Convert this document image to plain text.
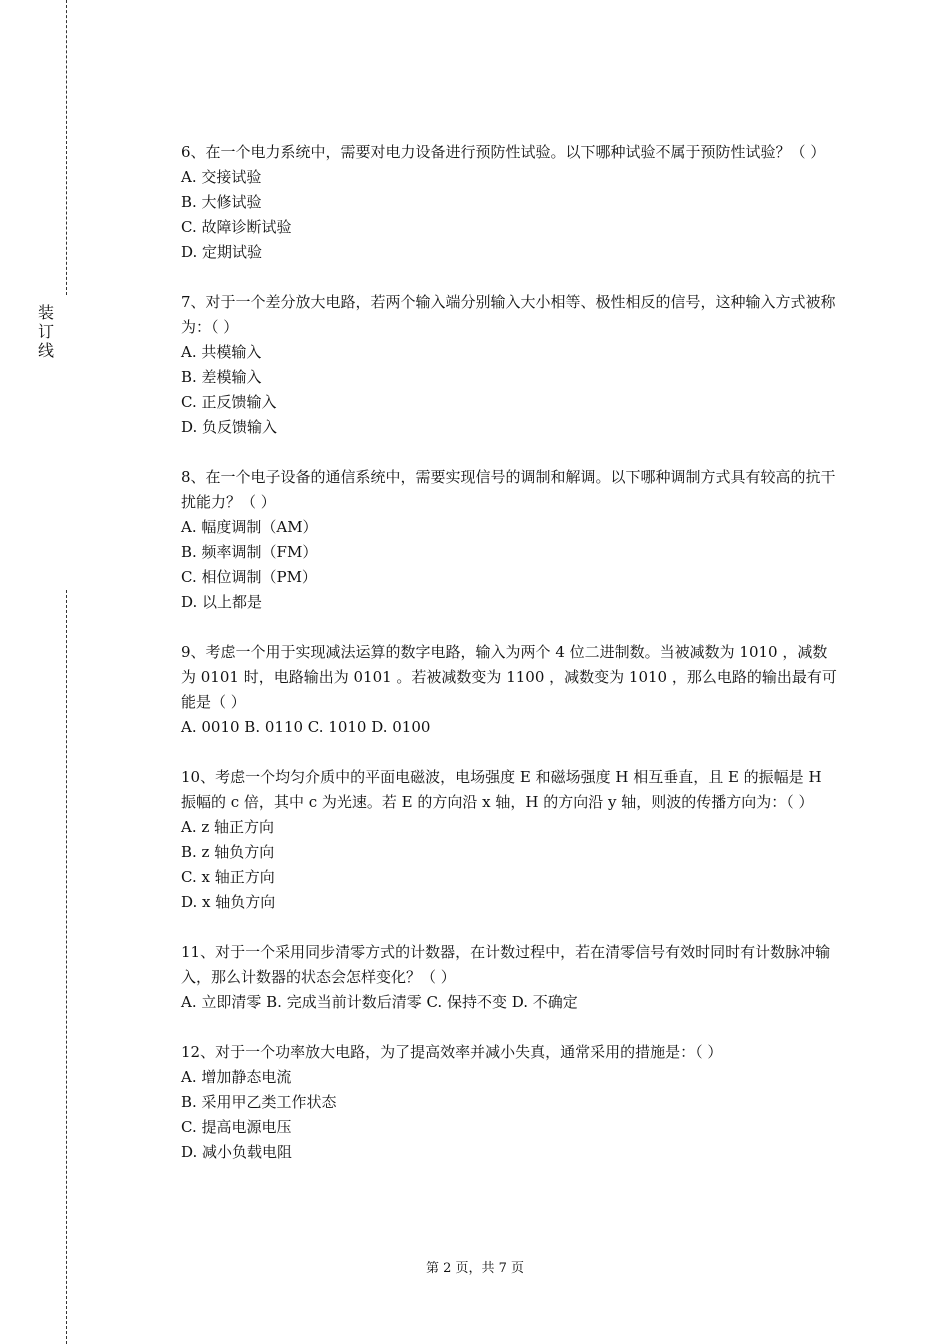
装
订
线
6、在一个电力系统中，需要对电力设备进行预防性试验。以下哪种试验不属于预防性试验？（ ）
A. 交接试验
B. 大修试验
C. 故障诊断试验
D. 定期试验
7、对于一个差分放大电路，若两个输入端分别输入大小相等、极性相反的信号，这种输入方式被称为：（ ）
A. 共模输入
B. 差模输入
C. 正反馈输入
D. 负反馈输入
8、在一个电子设备的通信系统中，需要实现信号的调制和解调。以下哪种调制方式具有较高的抗干扰能力？（ ）
A. 幅度调制（AM）
B. 频率调制（FM）
C. 相位调制（PM）
D. 以上都是
9、考虑一个用于实现减法运算的数字电路，输入为两个 4 位二进制数。当被减数为 1010 ，减数为 0101 时，电路输出为 0101 。若被减数变为 1100 ，减数变为 1010 ，那么电路的输出最有可能是（ ）
A. 0010 B. 0110 C. 1010 D. 0100
10、考虑一个均匀介质中的平面电磁波，电场强度 E 和磁场强度 H 相互垂直，且 E 的振幅是 H 振幅的 c 倍，其中 c 为光速。若 E 的方向沿 x 轴，H 的方向沿 y 轴，则波的传播方向为：（ ）
A. z 轴正方向
B. z 轴负方向
C. x 轴正方向
D. x 轴负方向
11、对于一个采用同步清零方式的计数器，在计数过程中，若在清零信号有效时同时有计数脉冲输入，那么计数器的状态会怎样变化？（ ）
A. 立即清零 B. 完成当前计数后清零 C. 保持不变 D. 不确定
12、对于一个功率放大电路，为了提高效率并减小失真，通常采用的措施是：（ ）
A. 增加静态电流
B. 采用甲乙类工作状态
C. 提高电源电压
D. 减小负载电阻
第 2 页，共 7 页
